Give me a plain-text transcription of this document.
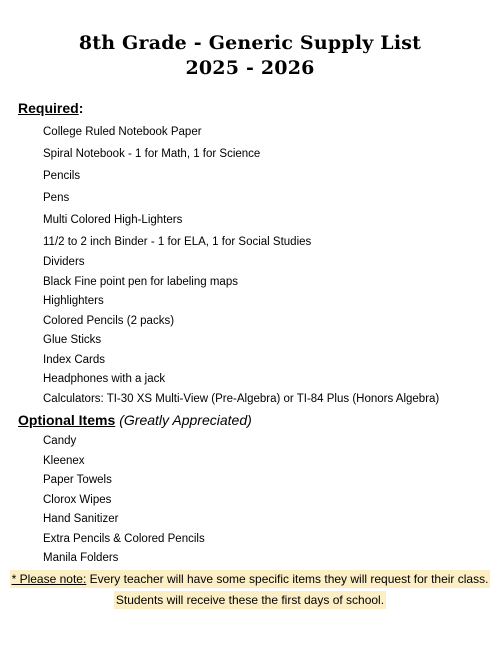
8th Grade - Generic Supply List
2025 - 2026
Required:
College Ruled Notebook Paper
Spiral Notebook - 1 for Math, 1 for Science
Pencils
Pens
Multi Colored High-Lighters
11/2 to 2 inch Binder - 1 for ELA, 1 for Social Studies
Dividers
Black Fine point pen for labeling maps
Highlighters
Colored Pencils (2 packs)
Glue Sticks
Index Cards
Headphones with a jack
Calculators: TI-30 XS Multi-View (Pre-Algebra) or TI-84 Plus (Honors Algebra)
Optional Items (Greatly Appreciated)
Candy
Kleenex
Paper Towels
Clorox Wipes
Hand Sanitizer
Extra Pencils & Colored Pencils
Manila Folders
* Please note: Every teacher will have some specific items they will request for their class.
Students will receive these the first days of school.
